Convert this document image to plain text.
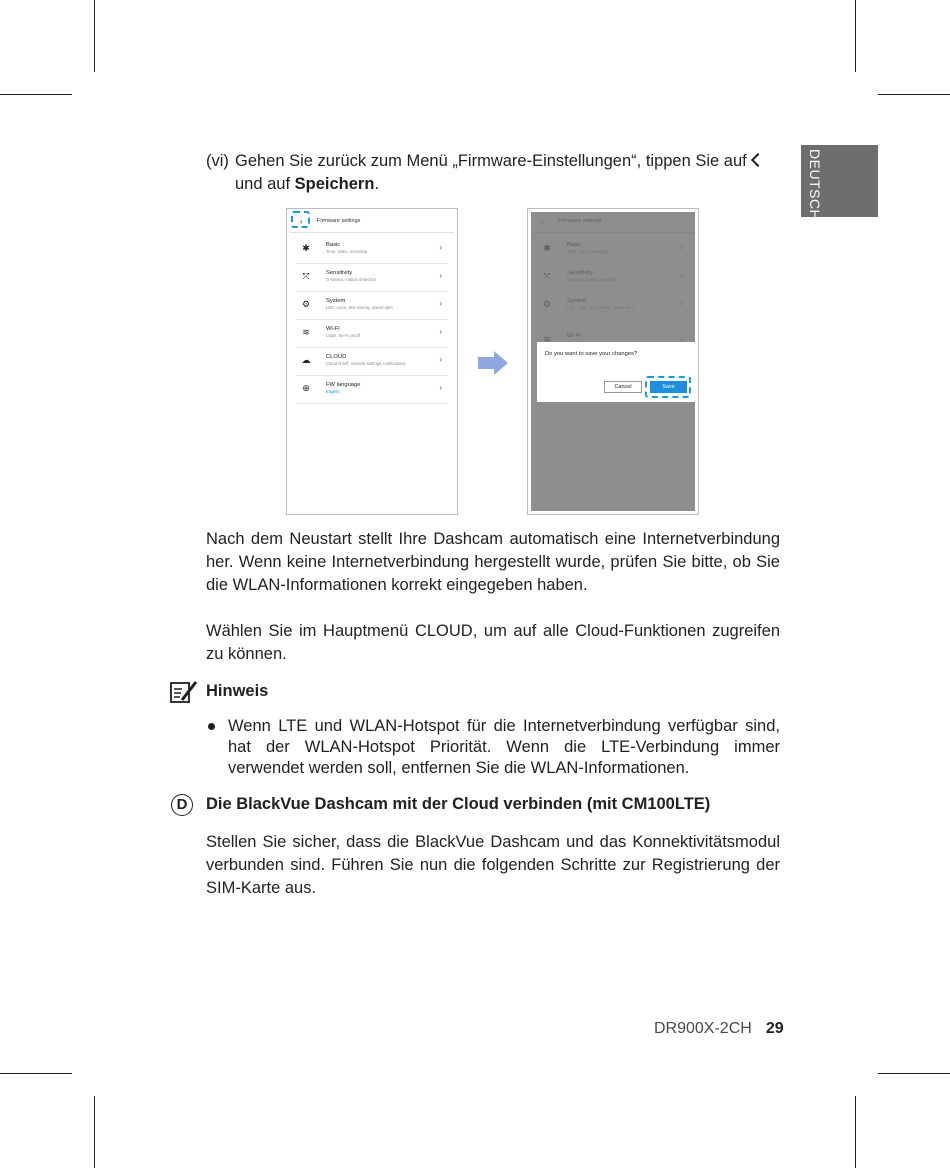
DEUTSCH
(vi) Gehen Sie zurück zum Menü „Firmware-Einstellungen“, tippen Sie aufund auf Speichern.
‹	Firmware settings
✱	Basic
Time, video, recording	›
⤧	Sensitivity
G-sensor, motion detection	›
⚙	System
LED, voice, text overlay, speed alert	›
≋	Wi-Fi
Login, Wi-Fi on/off	›
☁	CLOUD
Cloud on/off, network settings, notifications	›
⊕	FW language
English	›
Do you want to save your changes?
Cancel	Save
Nach dem Neustart stellt Ihre Dashcam automatisch eine Internetverbindung her. Wenn keine Internetverbindung hergestellt wurde, prüfen Sie bitte, ob Sie die WLAN-Informationen korrekt eingegeben haben.
Wählen Sie im Hauptmenü CLOUD, um auf alle Cloud-Funktionen zugreifen zu können.
Hinweis
Wenn LTE und WLAN-Hotspot für die Internetverbindung verfügbar sind, hat der WLAN-Hotspot Priorität. Wenn die LTE-Verbindung immer verwendet werden soll, entfernen Sie die WLAN-Informationen.
D	Die BlackVue Dashcam mit der Cloud verbinden (mit CM100LTE)
Stellen Sie sicher, dass die BlackVue Dashcam und das Konnektivitätsmodul verbunden sind. Führen Sie nun die folgenden Schritte zur Registrierung der SIM-Karte aus.
DR900X-2CH 29
